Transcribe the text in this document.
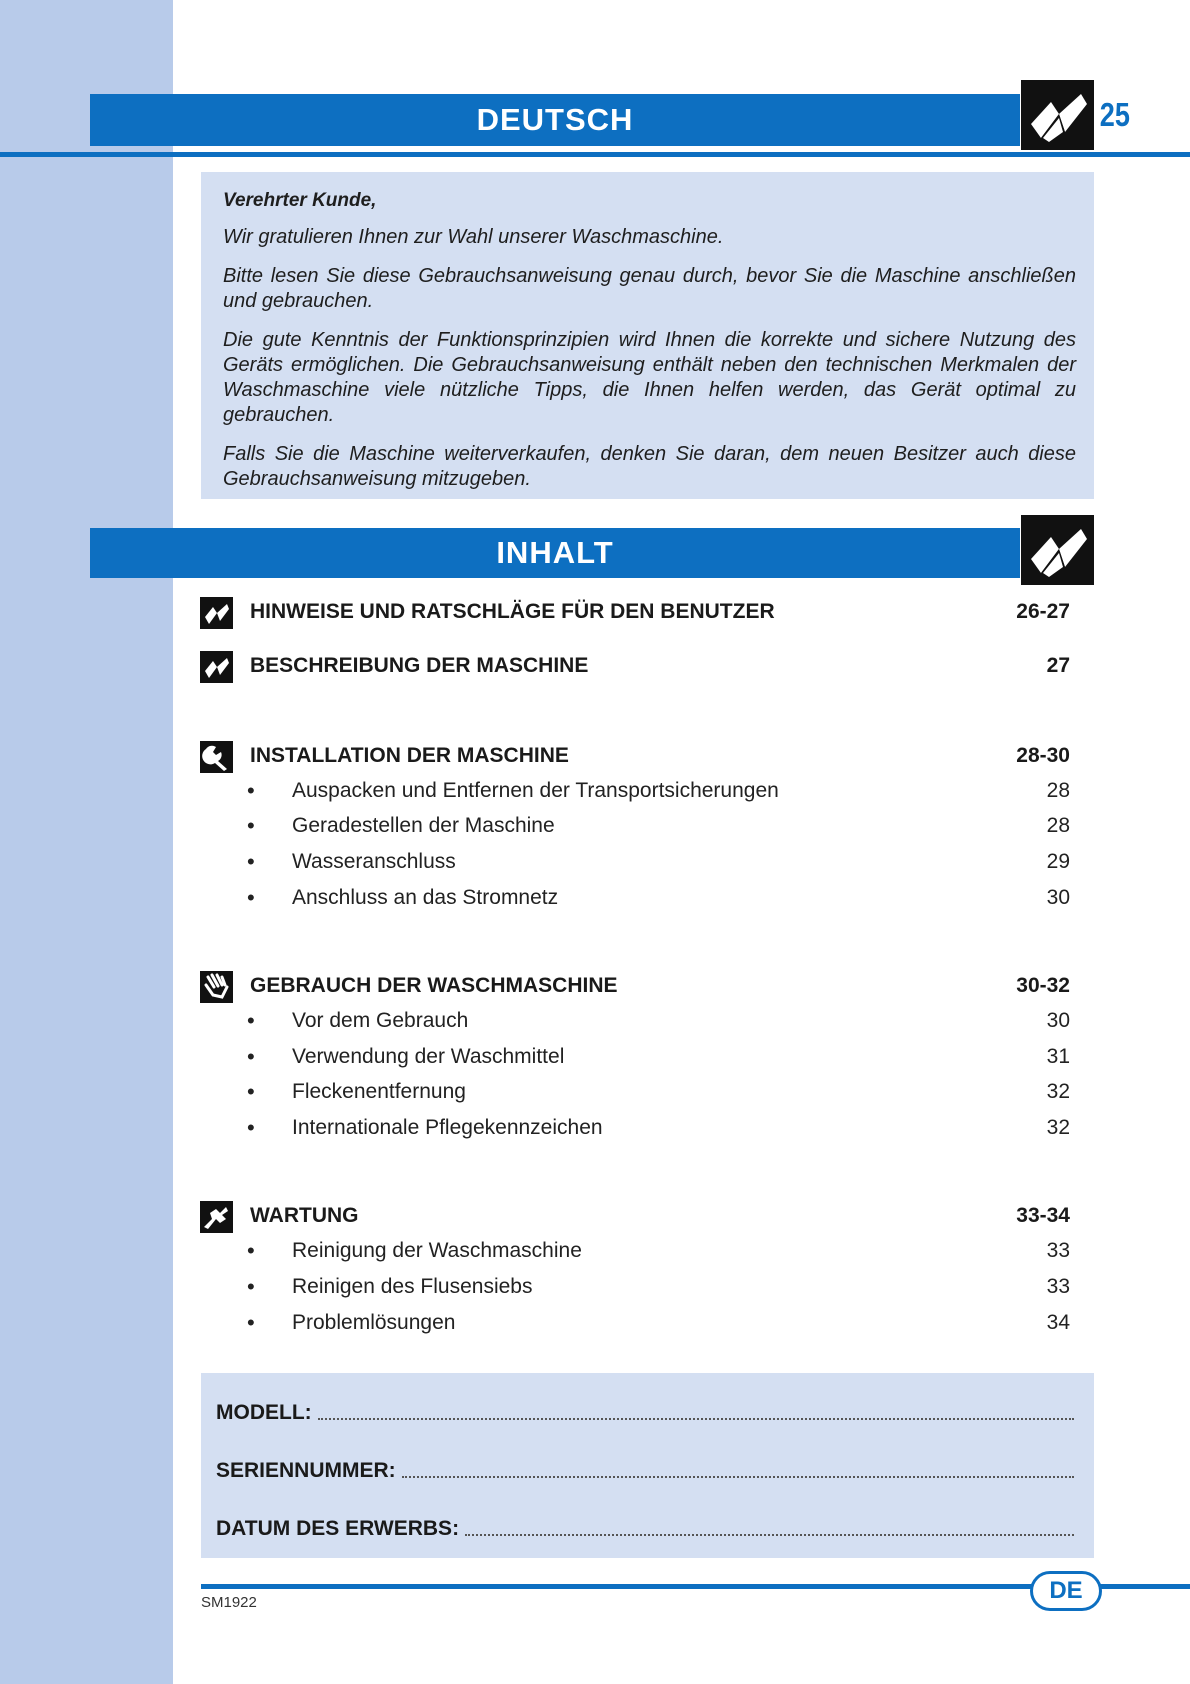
DEUTSCH	25

Verehrter Kunde,

Wir gratulieren Ihnen zur Wahl unserer Waschmaschine.

Bitte lesen Sie diese Gebrauchsanweisung genau durch, bevor Sie die Maschine anschließen und gebrauchen.

Die gute Kenntnis der Funktionsprinzipien wird Ihnen die korrekte und sichere Nutzung des Geräts ermöglichen. Die Gebrauchsanweisung enthält neben den technischen Merkmalen der Waschmaschine viele nützliche Tipps, die Ihnen helfen werden, das Gerät optimal zu gebrauchen.

Falls Sie die Maschine weiterverkaufen, denken Sie daran, dem neuen Besitzer auch diese Gebrauchsanweisung mitzugeben.

INHALT
HINWEISE UND RATSCHLÄGE FÜR DEN BENUTZER	26-27
BESCHREIBUNG DER MASCHINE	27
INSTALLATION DER MASCHINE	28-30
• Auspacken und Entfernen der Transportsicherungen	28
• Geradestellen der Maschine	28
• Wasseranschluss	29
• Anschluss an das Stromnetz	30
GEBRAUCH DER WASCHMASCHINE	30-32
• Vor dem Gebrauch	30
• Verwendung der Waschmittel	31
• Fleckenentfernung	32
• Internationale Pflegekennzeichen	32
WARTUNG	33-34
• Reinigung der Waschmaschine	33
• Reinigen des Flusensiebs	33
• Problemlösungen	34
MODELL:
SERIENNUMMER:
DATUM DES ERWERBS:
DE
SM1922
